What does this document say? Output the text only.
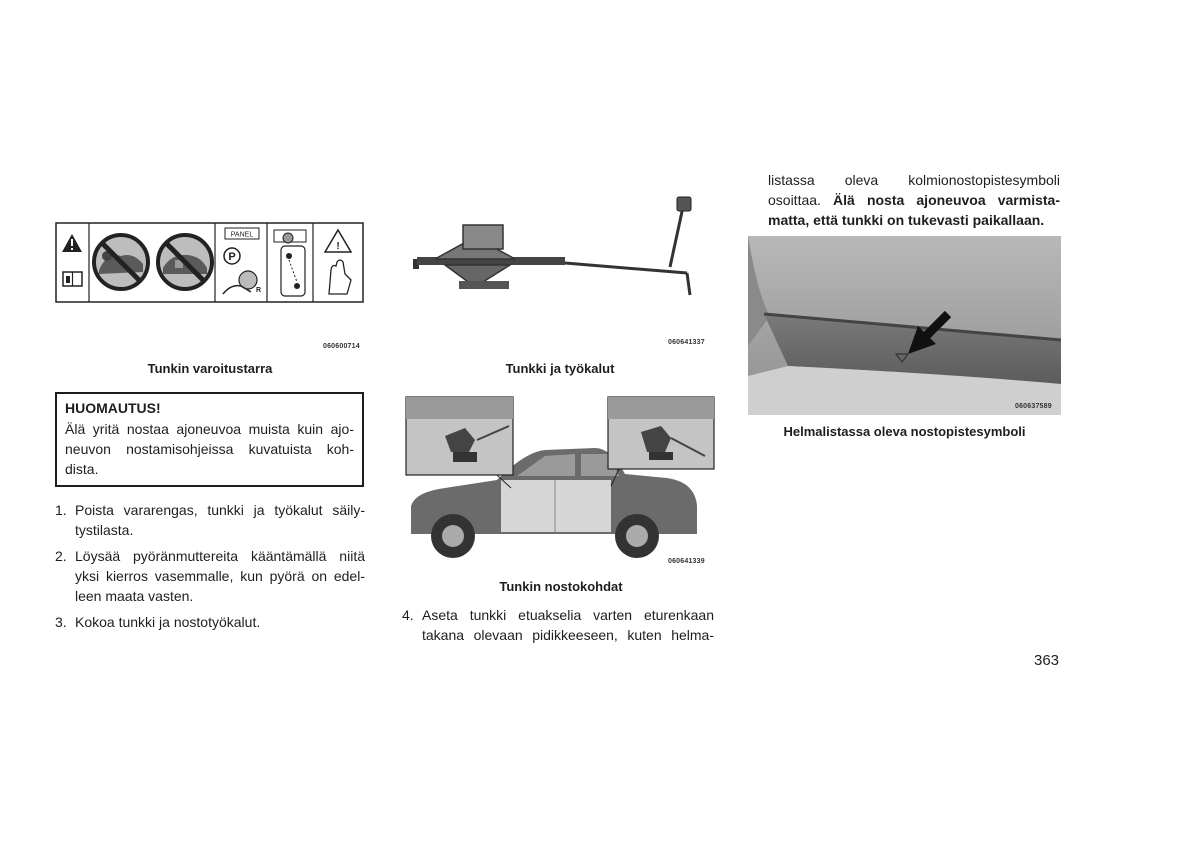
PANEL
P
R
!
060600714
Tunkin varoitustarra
060641337
Tunkki ja työkalut
060641339
Tunkin nostokohdat
060637589
Helmalistassa oleva nostopistesymboli
HUOMAUTUS!
Älä yritä nostaa ajoneuvoa muista kuin ajo-
neuvon nostamisohjeissa kuvatuista koh-
dista.
1. Poista vararengas, tunkki ja työkalut säily-
tystilasta.
2. Löysää pyöränmuttereita kääntämällä niitä
yksi kierros vasemmalle, kun pyörä on edel-
leen maata vasten.
3. Kokoa tunkki ja nostotyökalut.	4. Aseta tunkki etuakselia varten eturenkaan
takana olevaan pidikkeeseen, kuten helma-
listassa oleva kolmionostopistesymboli
osoittaa. Älä nosta ajoneuvoa varmista-
matta, että tunkki on tukevasti paikallaan.
363
